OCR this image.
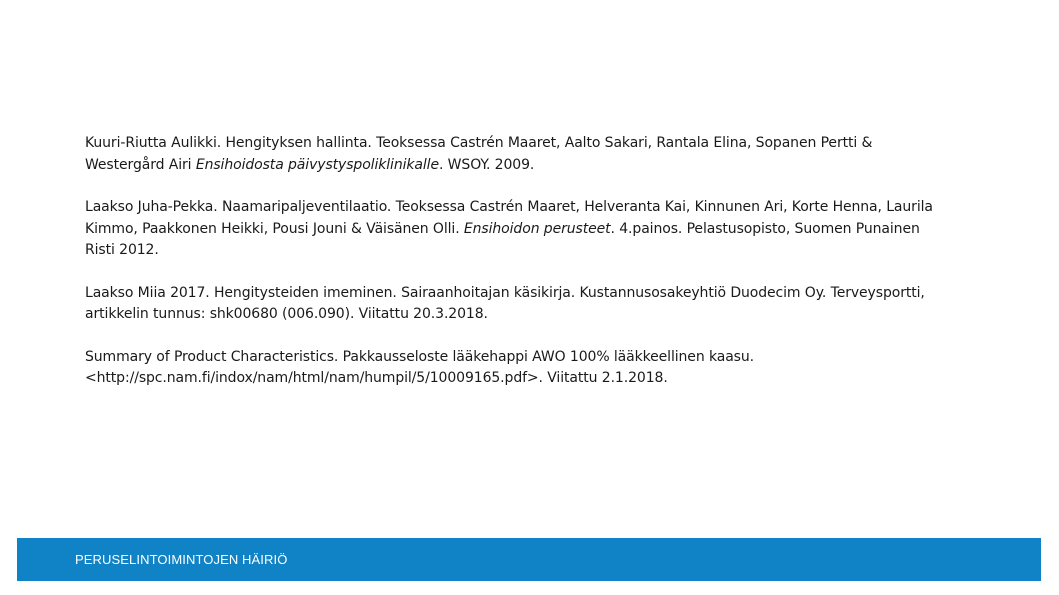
Kuuri-Riutta Aulikki. Hengityksen hallinta. Teoksessa Castrén Maaret, Aalto Sakari, Rantala Elina, Sopanen Pertti & Westergård Airi Ensihoidosta päivystyspoliklinikalle. WSOY. 2009.

Laakso Juha-Pekka. Naamaripaljeventilaatio. Teoksessa Castrén Maaret, Helveranta Kai, Kinnunen Ari, Korte Henna, Laurila Kimmo, Paakkonen Heikki, Pousi Jouni & Väisänen Olli. Ensihoidon perusteet. 4.painos. Pelastusopisto, Suomen Punainen Risti 2012.

Laakso Miia 2017. Hengitysteiden imeminen. Sairaanhoitajan käsikirja. Kustannusosakeyhtiö Duodecim Oy. Terveysportti, artikkelin tunnus: shk00680 (006.090). Viitattu 20.3.2018.

Summary of Product Characteristics. Pakkausseloste lääkehappi AWO 100% lääkkeellinen kaasu. <http://spc.nam.fi/indox/nam/html/nam/humpil/5/10009165.pdf>. Viitattu 2.1.2018.

PERUSELINTOIMINTOJEN HÄIRIÖ
